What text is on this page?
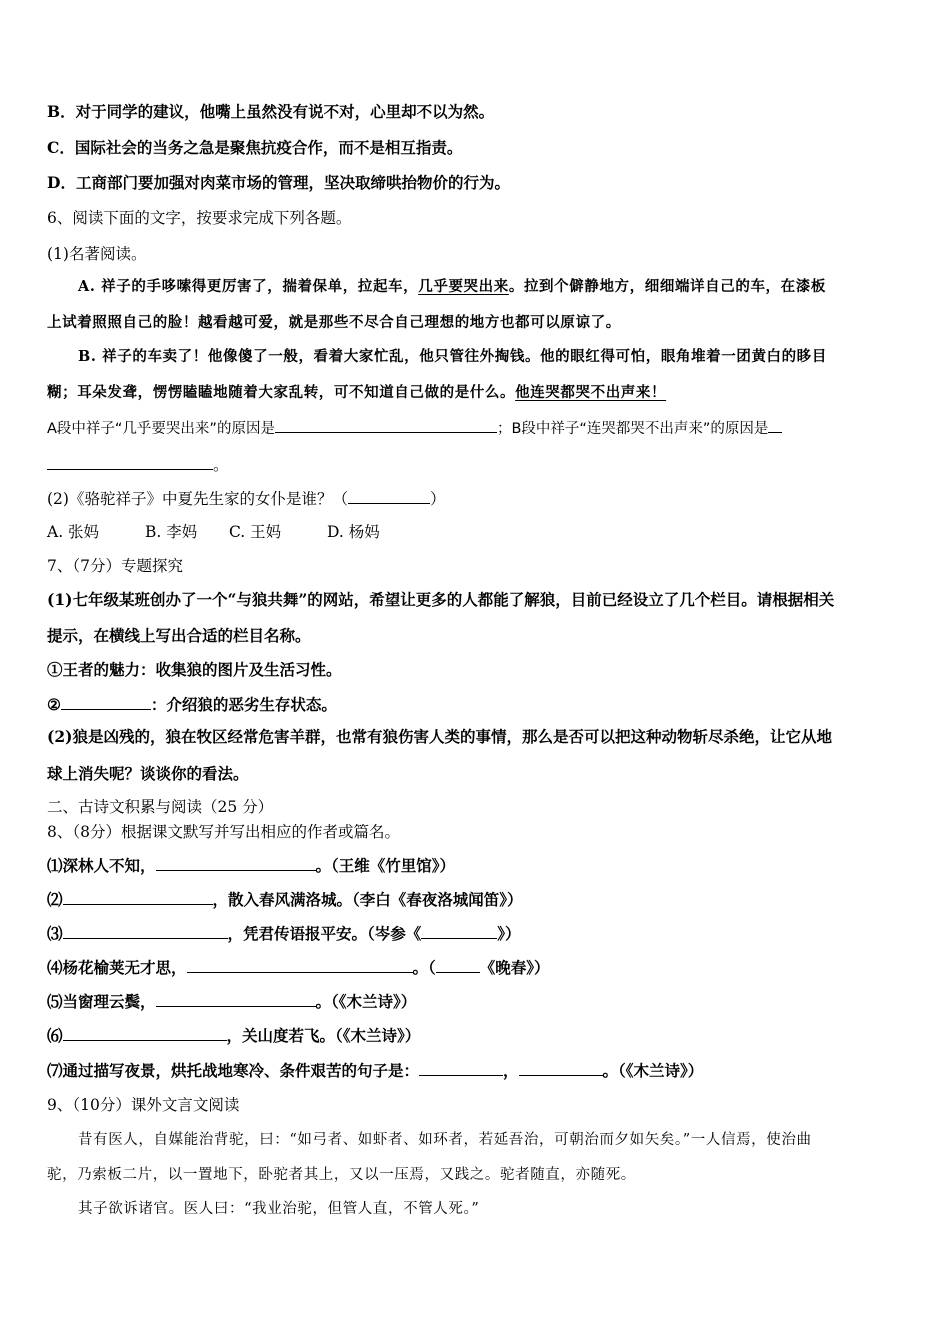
B．对于同学的建议，他嘴上虽然没有说不对，心里却不以为然。
C．国际社会的当务之急是聚焦抗疫合作，而不是相互指责。
D．工商部门要加强对肉菜市场的管理，坚决取缔哄抬物价的行为。
6、阅读下面的文字，按要求完成下列各题。
(1)名著阅读。
A. 祥子的手哆嗦得更厉害了，揣着保单，拉起车，几乎要哭出来。拉到个僻静地方，细细端详自己的车，在漆板
上试着照照自己的脸！越看越可爱，就是那些不尽合自己理想的地方也都可以原谅了。
B. 祥子的车卖了！他像傻了一般，看着大家忙乱，他只管往外掏钱。他的眼红得可怕，眼角堆着一团黄白的眵目
糊；耳朵发聋，愣愣瞌瞌地随着大家乱转，可不知道自己做的是什么。他连哭都哭不出声来！
A段中祥子“几乎要哭出来”的原因是	；B段中祥子“连哭都哭不出声来”的原因是
。
(2)《骆驼祥子》中夏先生家的女仆是谁？（	）
A. 张妈	B. 李妈 C. 王妈	D. 杨妈
7、（7分）专题探究
(1)七年级某班创办了一个“与狼共舞”的网站，希望让更多的人都能了解狼，目前已经设立了几个栏目。请根据相关
提示，在横线上写出合适的栏目名称。
①王者的魅力：收集狼的图片及生活习性。
②	：介绍狼的恶劣生存状态。
(2)狼是凶残的，狼在牧区经常危害羊群，也常有狼伤害人类的事情，那么是否可以把这种动物斩尽杀绝，让它从地
球上消失呢？谈谈你的看法。
二、古诗文积累与阅读（25 分）
8、（8分）根据课文默写并写出相应的作者或篇名。
⑴深林人不知，	。（王维《竹里馆》）
⑵	，散入春风满洛城。（李白《春夜洛城闻笛》）
⑶	，凭君传语报平安。（岑参《	》）
⑷杨花榆荚无才思，	。（	《晚春》）
⑸当窗理云鬓，	。（《木兰诗》）
⑹	，关山度若飞。（《木兰诗》）
⑺通过描写夜景，烘托战地寒冷、条件艰苦的句子是：	，	。（《木兰诗》）
9、（10分）课外文言文阅读
昔有医人，自媒能治背驼，曰：“如弓者、如虾者、如环者，若延吾治，可朝治而夕如矢矣。”一人信焉，使治曲
驼，乃索板二片，以一置地下，卧驼者其上，又以一压焉，又践之。驼者随直，亦随死。
其子欲诉诸官。医人曰：“我业治驼，但管人直，不管人死。”
